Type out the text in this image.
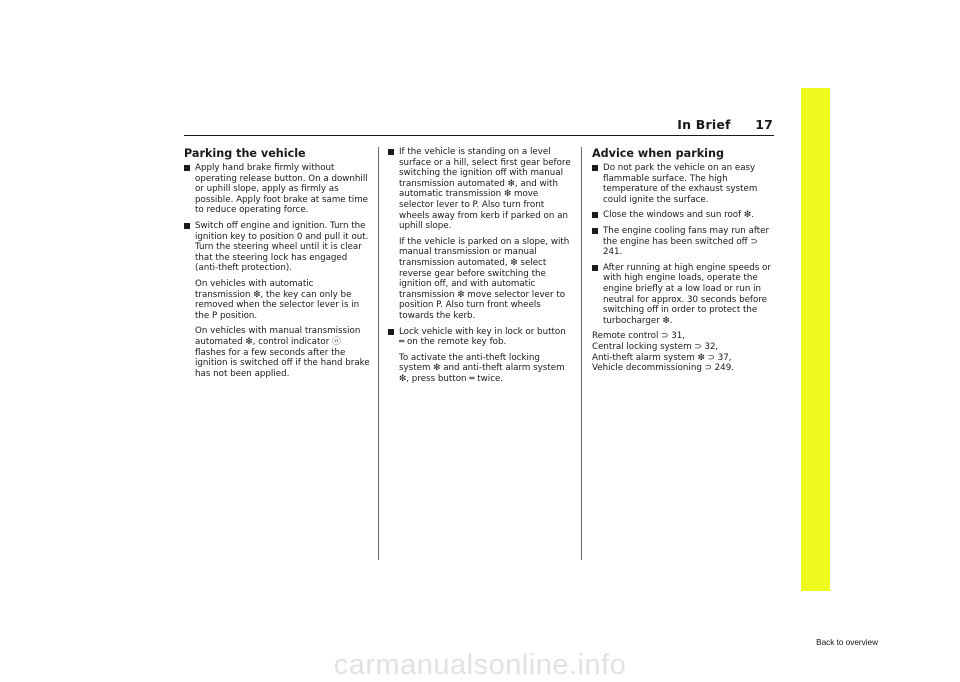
In Brief 17
Parking the vehicle

Apply hand brake firmly without operating release button. On a downhill or uphill slope, apply as firmly as possible. Apply foot brake at same time to reduce operating force.

Switch off engine and ignition. Turn the ignition key to position 0 and pull it out. Turn the steering wheel until it is clear that the steering lock has engaged (anti-theft protection).

On vehicles with automatic transmission ❇, the key can only be removed when the selector lever is in the P position.

On vehicles with manual transmission automated ❇, control indicator ⓞ flashes for a few seconds after the ignition is switched off if the hand brake has not been applied.

If the vehicle is standing on a level surface or a hill, select first gear before switching the ignition off with manual transmission automated ❇, and with automatic transmission ❇ move selector lever to P. Also turn front wheels away from kerb if parked on an uphill slope.

If the vehicle is parked on a slope, with manual transmission or manual transmission automated, ❇ select reverse gear before switching the ignition off, and with automatic transmission ❇ move selector lever to position P. Also turn front wheels towards the kerb.

Lock vehicle with key in lock or button ═ on the remote key fob.

To activate the anti-theft locking system ❇ and anti-theft alarm system ❇, press button ═ twice.

Advice when parking

Do not park the vehicle on an easy flammable surface. The high temperature of the exhaust system could ignite the surface.

Close the windows and sun roof ❇.

The engine cooling fans may run after the engine has been switched off ⊃ 241.

After running at high engine speeds or with high engine loads, operate the engine briefly at a low load or run in neutral for approx. 30 seconds before switching off in order to protect the turbocharger ❇.

Remote control ⊃ 31,

Central locking system ⊃ 32,

Anti-theft alarm system ❇ ⊃ 37,

Vehicle decommissioning ⊃ 249.

Back to overview
carmanualsonline.info
